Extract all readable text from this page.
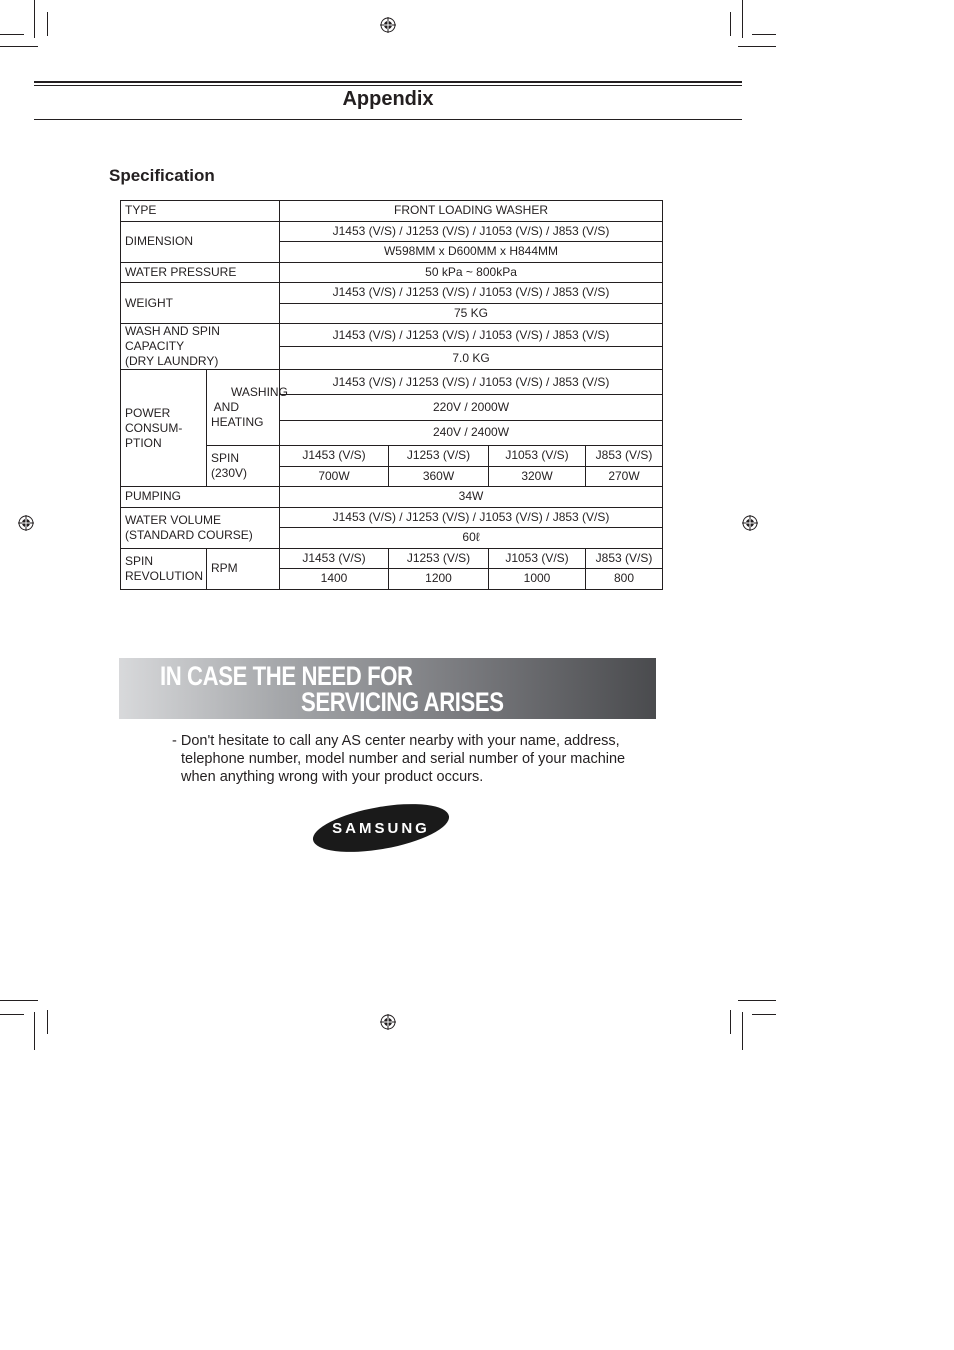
Appendix
Specification
TYPE		FRONT LOADING WASHER			
DIMENSION		J1453 (V/S) / J1253 (V/S) / J1053 (V/S) / J853 (V/S)			
		W598MM x D600MM x H844MM			
WATER PRESSURE		50 kPa ~ 800kPa			
WEIGHT		J1453 (V/S) / J1253 (V/S) / J1053 (V/S) / J853 (V/S)			
		75 KG			
WASH AND SPIN CAPACITY
(DRY LAUNDRY)		J1453 (V/S) / J1253 (V/S) / J1053 (V/S) / J853 (V/S)			
		7.0 KG			
POWER
CONSUM-
PTION	WASHING
AND
HEATING	J1453 (V/S) / J1253 (V/S) / J1053 (V/S) / J853 (V/S)			
		220V / 2000W			
		240V / 2400W			
	SPIN (230V)	J1453 (V/S)	J1253 (V/S)	J1053 (V/S)	J853 (V/S)
		700W	360W	320W	270W
PUMPING		34W			
WATER VOLUME
(STANDARD COURSE)		J1453 (V/S) / J1253 (V/S) / J1053 (V/S) / J853 (V/S)			
		60ℓ			
SPIN
REVOLUTION	RPM	J1453 (V/S)	J1253 (V/S)	J1053 (V/S)	J853 (V/S)
		1400	1200	1000	800
IN CASE THE NEED FOR
SERVICING ARISES
- Don't hesitate to call any AS center nearby with your name, address,
telephone number, model number and serial number of your machine
when anything wrong with your product occurs.
SAMSUNG
